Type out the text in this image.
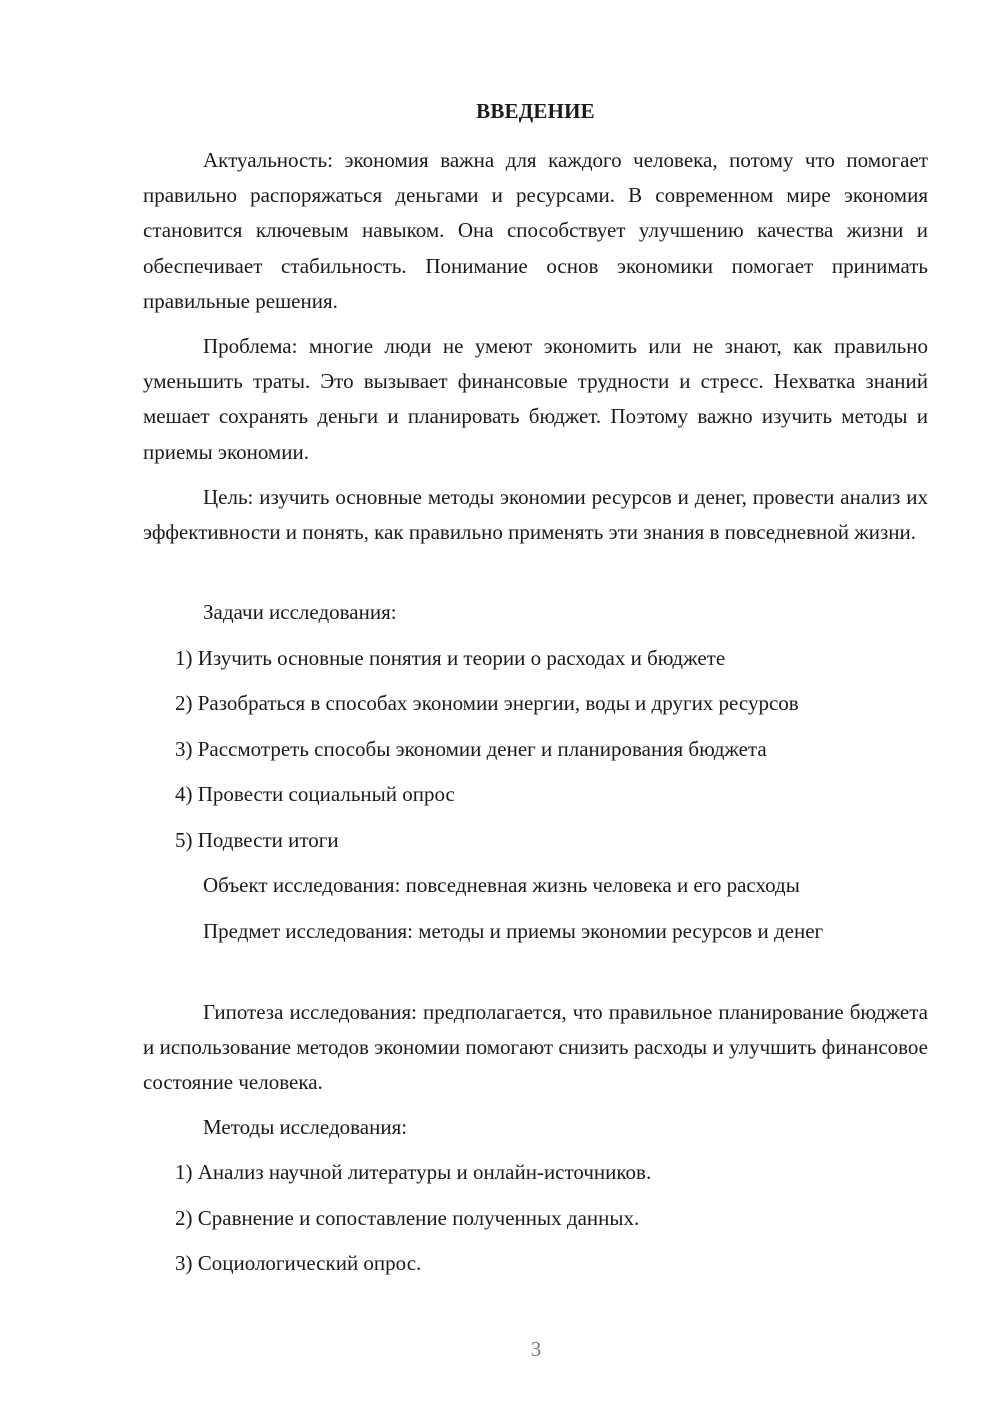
ВВЕДЕНИЕ

Актуальность: экономия важна для каждого человека, потому что помогает правильно распоряжаться деньгами и ресурсами. В современном мире экономия становится ключевым навыком. Она способствует улучшению качества жизни и обеспечивает стабильность. Понимание основ экономики помогает принимать правильные решения.

Проблема: многие люди не умеют экономить или не знают, как правильно уменьшить траты. Это вызывает финансовые трудности и стресс. Нехватка знаний мешает сохранять деньги и планировать бюджет. Поэтому важно изучить методы и приемы экономии.

Цель: изучить основные методы экономии ресурсов и денег, провести анализ их эффективности и понять, как правильно применять эти знания в повседневной жизни.

Задачи исследования:
1) Изучить основные понятия и теории о расходах и бюджете
2) Разобраться в способах экономии энергии, воды и других ресурсов
3) Рассмотреть способы экономии денег и планирования бюджета
4) Провести социальный опрос
5) Подвести итоги
Объект исследования: повседневная жизнь человека и его расходы

Предмет исследования: методы и приемы экономии ресурсов и денег

Гипотеза исследования: предполагается, что правильное планирование бюджета и использование методов экономии помогают снизить расходы и улучшить финансовое состояние человека.

Методы исследования:
1) Анализ научной литературы и онлайн-источников.
2) Сравнение и сопоставление полученных данных.
3) Социологический опрос.
3
